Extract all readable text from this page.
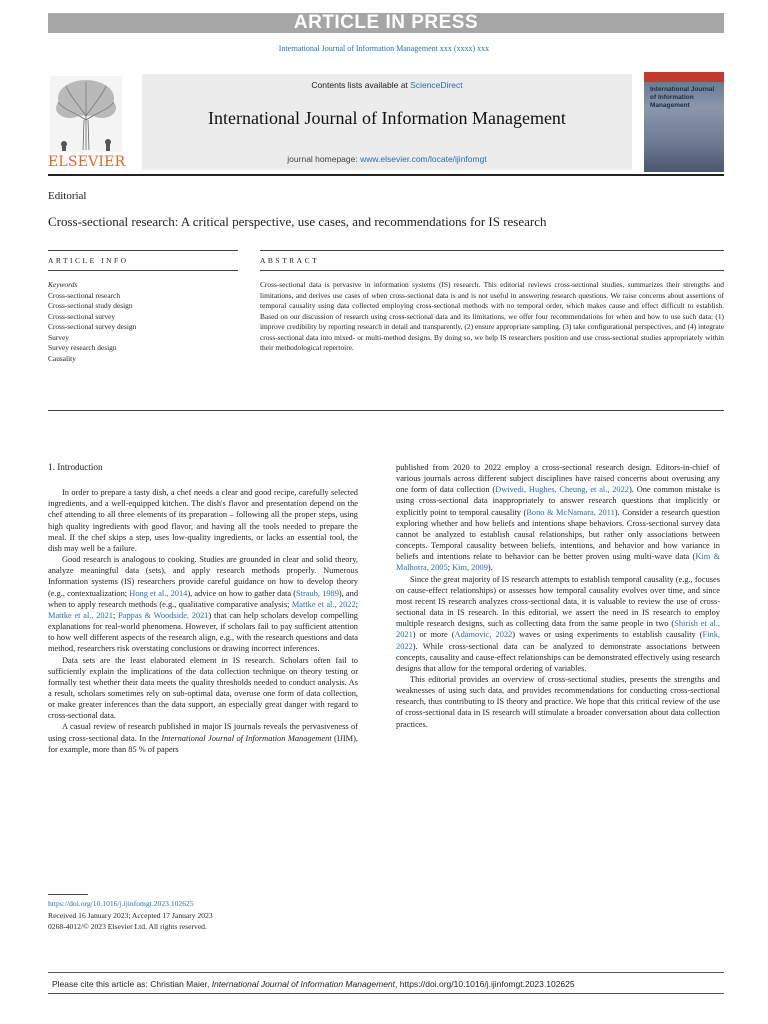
ARTICLE IN PRESS
International Journal of Information Management xxx (xxxx) xxx
ELSEVIER
Contents lists available at ScienceDirect
International Journal of Information Management
journal homepage: www.elsevier.com/locate/ijinfomgt
International Journal of Information Management
Editorial
Cross-sectional research: A critical perspective, use cases, and recommendations for IS research
ARTICLE INFO	ABSTRACT
Keywords
Cross-sectional research
Cross-sectional study design
Cross-sectional survey
Cross-sectional survey design
Survey
Survey research design
Causality
Cross-sectional data is pervasive in information systems (IS) research. This editorial reviews cross-sectional studies, summarizes their strengths and limitations, and derives use cases of when cross-sectional data is and is not useful in answering research questions. We raise concerns about assertions of temporal causality using data collected employing cross-sectional methods with no temporal order, which makes cause and effect difficult to establish. Based on our discussion of research using cross-sectional data and its limitations, we offer four recommendations for when and how to use such data: (1) improve credibility by reporting research in detail and transparently, (2) ensure appropriate sampling, (3) take configurational perspectives, and (4) integrate cross-sectional data into mixed- or multi-method designs. By doing so, we help IS researchers position and use cross-sectional studies appropriately within their methodological repertoire.
1. Introduction

In order to prepare a tasty dish, a chef needs a clear and good recipe, carefully selected ingredients, and a well-equipped kitchen. The dish's flavor and presentation depend on the chef attending to all three elements of its preparation – following all the proper steps, using high quality ingredients with good flavor, and having all the tools needed to prepare the meal. If the chef skips a step, uses low-quality ingredients, or lacks an essential tool, the dish may well be a failure.

Good research is analogous to cooking. Studies are grounded in clear and solid theory, analyze meaningful data (sets), and apply research methods properly. Numerous Information systems (IS) researchers provide careful guidance on how to develop theory (e.g., contextualization; Hong et al., 2014), advice on how to gather data (Straub, 1989), and when to apply research methods (e.g., qualitative comparative analysis; Mattke et al., 2022; Mattke et al., 2021; Pappas & Woodside, 2021) that can help scholars develop compelling explanations for real-world phenomena. However, if scholars fail to pay sufficient attention to how well different aspects of the research align, e.g., with the research questions and data method, researchers risk overstating conclusions or drawing incorrect inferences.

Data sets are the least elaborated element in IS research. Scholars often fail to sufficiently explain the implications of the data collection technique on theory testing or formally test whether their data meets the quality thresholds needed to conduct analysis. As a result, scholars sometimes rely on sub-optimal data, overuse one form of data collection, or make greater inferences than the data support, an especially great danger with regard to cross-sectional data.

A casual review of research published in major IS journals reveals the pervasiveness of using cross-sectional data. In the International Journal of Information Management (IJIM), for example, more than 85 % of papers

published from 2020 to 2022 employ a cross-sectional research design. Editors-in-chief of various journals across different subject disciplines have raised concerns about overusing any one form of data collection (Dwivedi, Hughes, Cheung, et al., 2022). One common mistake is using cross-sectional data inappropriately to answer research questions that implicitly or explicitly point to temporal causality (Bono & McNamara, 2011). Consider a research question exploring whether and how beliefs and intentions shape behaviors. Cross-sectional survey data cannot be analyzed to establish causal relationships, but rather only associations between concepts. Temporal causality between beliefs, intentions, and behavior and how variance in beliefs and intentions relate to behavior can be better proven using multi-wave data (Kim & Malhotra, 2005; Kim, 2009).

Since the great majority of IS research attempts to establish temporal causality (e.g., focuses on cause-effect relationships) or assesses how temporal causality evolves over time, and since most recent IS research analyzes cross-sectional data, it is valuable to review the use of cross-sectional data in IS research. In this editorial, we assert the need in IS research to employ multiple research designs, such as collecting data from the same people in two (Shirish et al., 2021) or more (Adamovic, 2022) waves or using experiments to establish causality (Fink, 2022). While cross-sectional data can be analyzed to demonstrate associations between concepts, causality and cause-effect relationships can be demonstrated effectively using research designs that allow for the temporal ordering of variables.

This editorial provides an overview of cross-sectional studies, presents the strengths and weaknesses of using such data, and provides recommendations for conducting cross-sectional research, thus contributing to IS theory and practice. We hope that this critical review of the use of cross-sectional data in IS research will stimulate a broader conversation about data collection practices.

https://doi.org/10.1016/j.ijinfomgt.2023.102625
Received 16 January 2023; Accepted 17 January 2023
0268-4012/© 2023 Elsevier Ltd. All rights reserved.
Please cite this article as: Christian Maier, International Journal of Information Management, https://doi.org/10.1016/j.ijinfomgt.2023.102625
